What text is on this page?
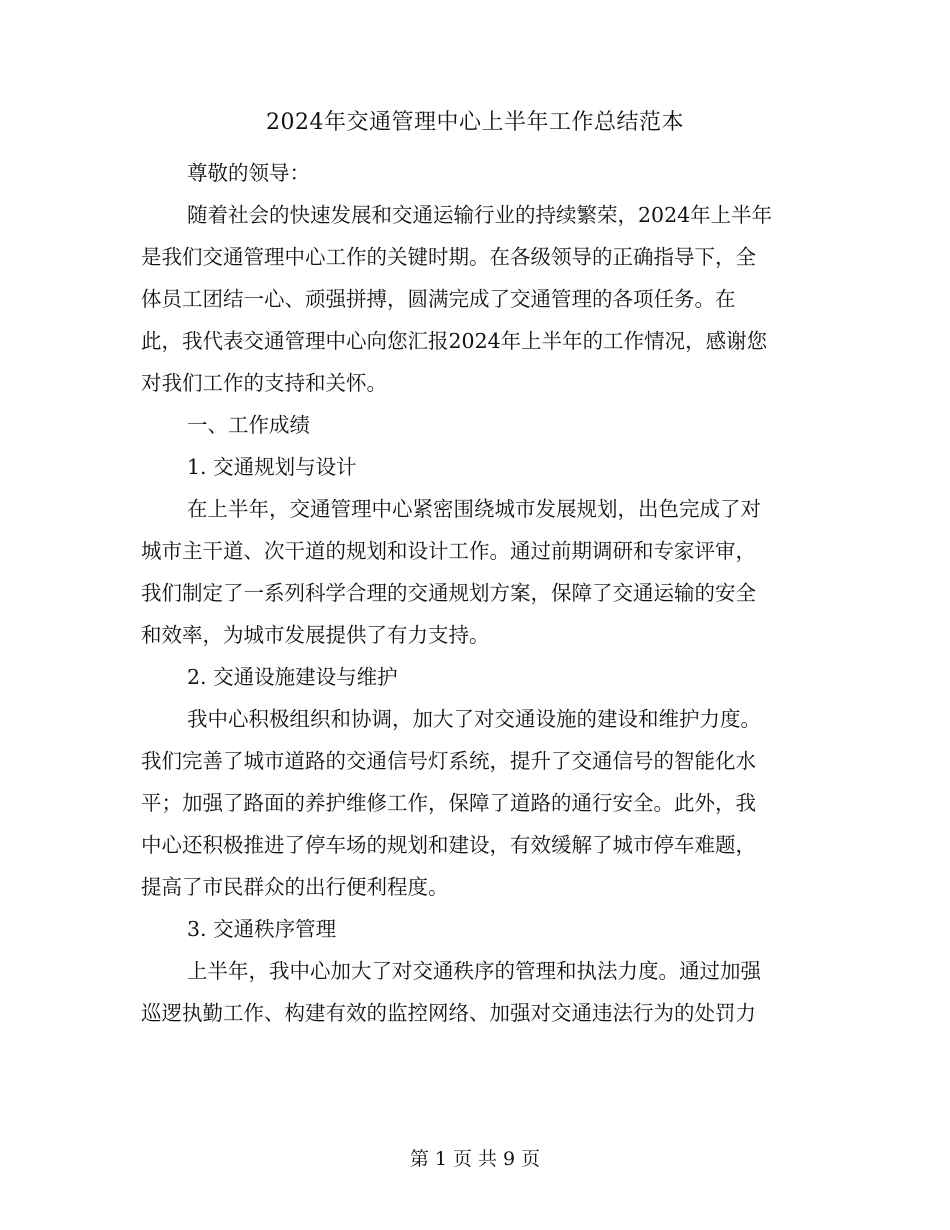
2024年交通管理中心上半年工作总结范本
尊敬的领导：
随着社会的快速发展和交通运输行业的持续繁荣，2024年上半年
是我们交通管理中心工作的关键时期。在各级领导的正确指导下，全
体员工团结一心、顽强拼搏，圆满完成了交通管理的各项任务。在
此，我代表交通管理中心向您汇报2024年上半年的工作情况，感谢您
对我们工作的支持和关怀。
一、工作成绩
1. 交通规划与设计
在上半年，交通管理中心紧密围绕城市发展规划，出色完成了对
城市主干道、次干道的规划和设计工作。通过前期调研和专家评审，
我们制定了一系列科学合理的交通规划方案，保障了交通运输的安全
和效率，为城市发展提供了有力支持。
2. 交通设施建设与维护
我中心积极组织和协调，加大了对交通设施的建设和维护力度。
我们完善了城市道路的交通信号灯系统，提升了交通信号的智能化水
平；加强了路面的养护维修工作，保障了道路的通行安全。此外，我
中心还积极推进了停车场的规划和建设，有效缓解了城市停车难题，
提高了市民群众的出行便利程度。
3. 交通秩序管理
上半年，我中心加大了对交通秩序的管理和执法力度。通过加强
巡逻执勤工作、构建有效的监控网络、加强对交通违法行为的处罚力
第 1 页 共 9 页
